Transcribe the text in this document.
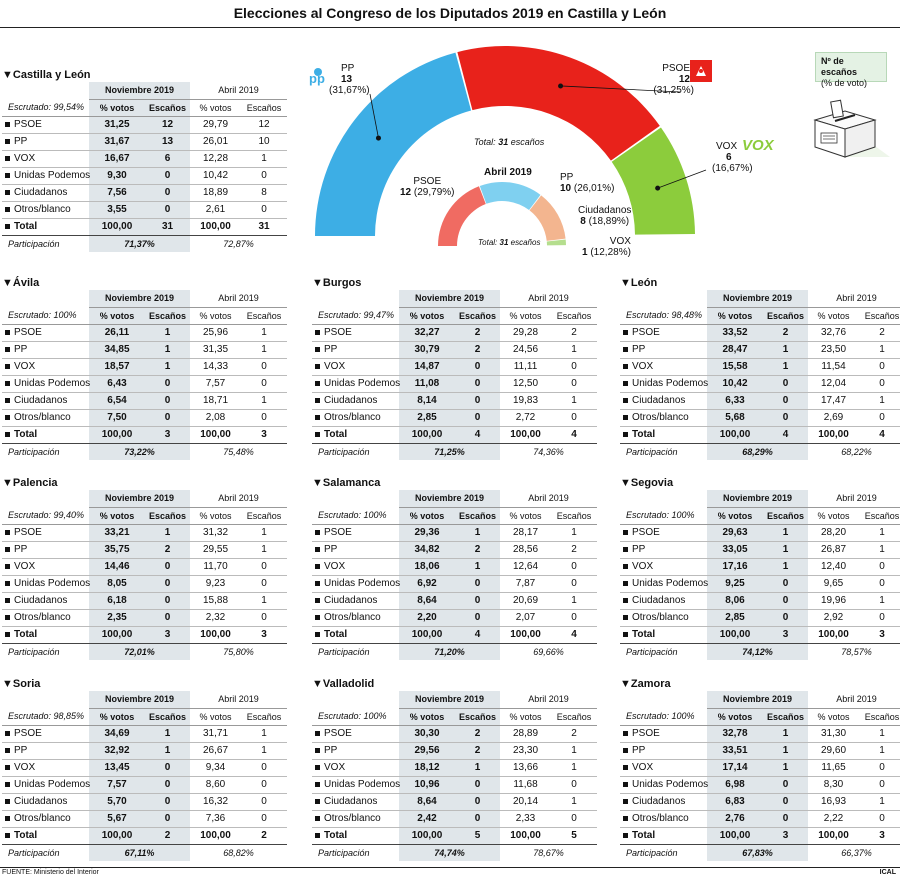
Elecciones al Congreso de los Diputados 2019 en Castilla y León
pp
VOX
PP
13
(31,67%)
PSOE
12
(31,25%)
VOX
6
(16,67%)
Total: 31 escaños
Abril 2019
PSOE
12 (29,79%)
PP
10 (26,01%)
Ciudadanos
8 (18,89%)
VOX
1 (12,28%)
Total: 31 escaños
Nº de escaños
(% de voto)
▼Castilla y León
	Noviembre 2019		Abril 2019	
Escrutado: 99,54%	% votos	Escaños	% votos	Escaños
PSOE	31,25	12	29,79	12
PP	31,67	13	26,01	10
VOX	16,67	6	12,28	1
Unidas Podemos	9,30	0	10,42	0
Ciudadanos	7,56	0	18,89	8
Otros/blanco	3,55	0	2,61	0
Total	100,00	31	100,00	31
Participación	71,37%		72,87%	
▼Ávila
	Noviembre 2019		Abril 2019	
Escrutado: 100%	% votos	Escaños	% votos	Escaños
PSOE	26,11	1	25,96	1
PP	34,85	1	31,35	1
VOX	18,57	1	14,33	0
Unidas Podemos	6,43	0	7,57	0
Ciudadanos	6,54	0	18,71	1
Otros/blanco	7,50	0	2,08	0
Total	100,00	3	100,00	3
Participación	73,22%		75,48%	
▼Burgos
	Noviembre 2019		Abril 2019	
Escrutado: 99,47%	% votos	Escaños	% votos	Escaños
PSOE	32,27	2	29,28	2
PP	30,79	2	24,56	1
VOX	14,87	0	11,11	0
Unidas Podemos	11,08	0	12,50	0
Ciudadanos	8,14	0	19,83	1
Otros/blanco	2,85	0	2,72	0
Total	100,00	4	100,00	4
Participación	71,25%		74,36%	
▼León
	Noviembre 2019		Abril 2019	
Escrutado: 98,48%	% votos	Escaños	% votos	Escaños
PSOE	33,52	2	32,76	2
PP	28,47	1	23,50	1
VOX	15,58	1	11,54	0
Unidas Podemos	10,42	0	12,04	0
Ciudadanos	6,33	0	17,47	1
Otros/blanco	5,68	0	2,69	0
Total	100,00	4	100,00	4
Participación	68,29%		68,22%	
▼Palencia
	Noviembre 2019		Abril 2019	
Escrutado: 99,40%	% votos	Escaños	% votos	Escaños
PSOE	33,21	1	31,32	1
PP	35,75	2	29,55	1
VOX	14,46	0	11,70	0
Unidas Podemos	8,05	0	9,23	0
Ciudadanos	6,18	0	15,88	1
Otros/blanco	2,35	0	2,32	0
Total	100,00	3	100,00	3
Participación	72,01%		75,80%	
▼Salamanca
	Noviembre 2019		Abril 2019	
Escrutado: 100%	% votos	Escaños	% votos	Escaños
PSOE	29,36	1	28,17	1
PP	34,82	2	28,56	2
VOX	18,06	1	12,64	0
Unidas Podemos	6,92	0	7,87	0
Ciudadanos	8,64	0	20,69	1
Otros/blanco	2,20	0	2,07	0
Total	100,00	4	100,00	4
Participación	71,20%		69,66%	
▼Segovia
	Noviembre 2019		Abril 2019	
Escrutado: 100%	% votos	Escaños	% votos	Escaños
PSOE	29,63	1	28,20	1
PP	33,05	1	26,87	1
VOX	17,16	1	12,40	0
Unidas Podemos	9,25	0	9,65	0
Ciudadanos	8,06	0	19,96	1
Otros/blanco	2,85	0	2,92	0
Total	100,00	3	100,00	3
Participación	74,12%		78,57%	
▼Soria
	Noviembre 2019		Abril 2019	
Escrutado: 98,85%	% votos	Escaños	% votos	Escaños
PSOE	34,69	1	31,71	1
PP	32,92	1	26,67	1
VOX	13,45	0	9,34	0
Unidas Podemos	7,57	0	8,60	0
Ciudadanos	5,70	0	16,32	0
Otros/blanco	5,67	0	7,36	0
Total	100,00	2	100,00	2
Participación	67,11%		68,82%	
▼Valladolid
	Noviembre 2019		Abril 2019	
Escrutado: 100%	% votos	Escaños	% votos	Escaños
PSOE	30,30	2	28,89	2
PP	29,56	2	23,30	1
VOX	18,12	1	13,66	1
Unidas Podemos	10,96	0	11,68	0
Ciudadanos	8,64	0	20,14	1
Otros/blanco	2,42	0	2,33	0
Total	100,00	5	100,00	5
Participación	74,74%		78,67%	
▼Zamora
	Noviembre 2019		Abril 2019	
Escrutado: 100%	% votos	Escaños	% votos	Escaños
PSOE	32,78	1	31,30	1
PP	33,51	1	29,60	1
VOX	17,14	1	11,65	0
Unidas Podemos	6,98	0	8,30	0
Ciudadanos	6,83	0	16,93	1
Otros/blanco	2,76	0	2,22	0
Total	100,00	3	100,00	3
Participación	67,83%		66,37%	
FUENTE: Ministerio del Interior	ICAL
